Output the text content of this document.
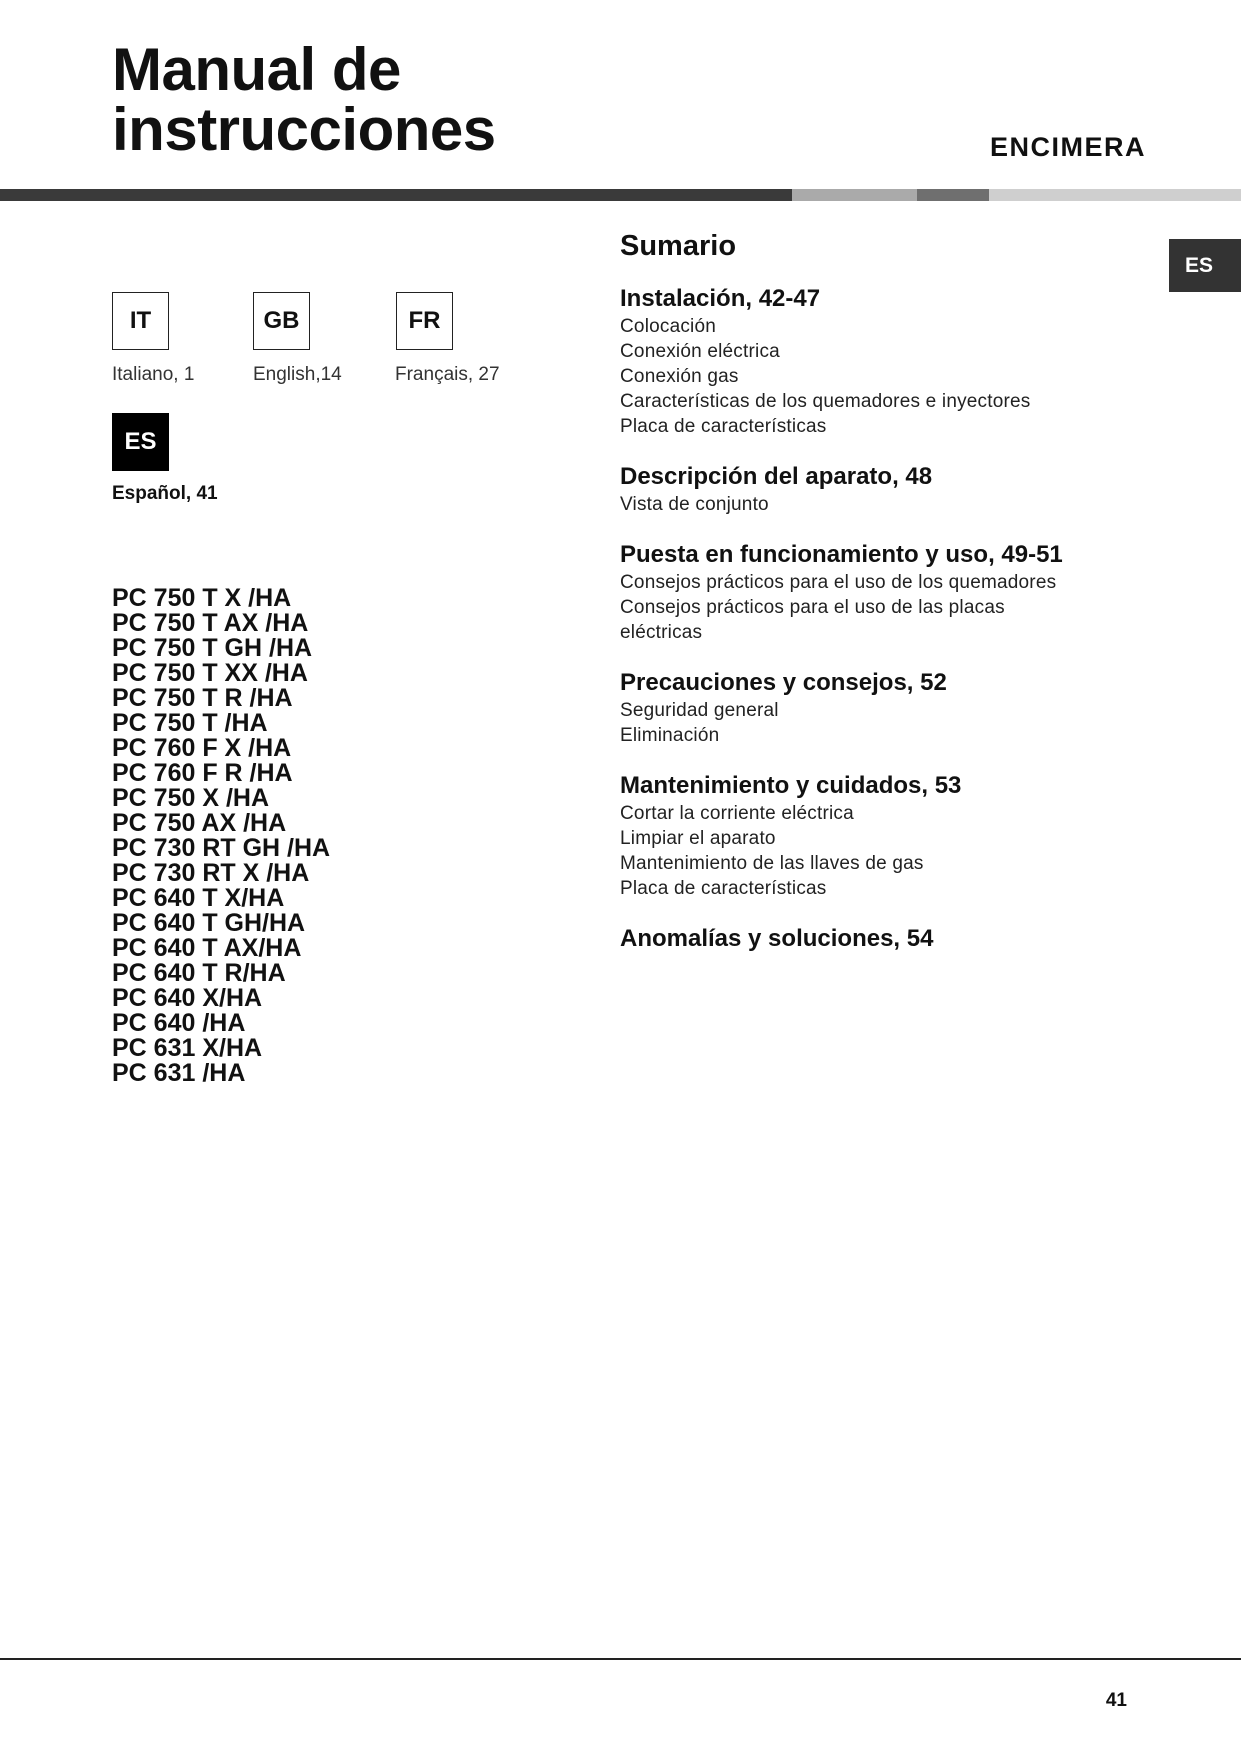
Manual de
instrucciones	ENCIMERA
IT
Italiano, 1
GB
English,14
FR
Français, 27
ES
Español, 41
PC 750 T X /HA
PC 750 T AX /HA
PC 750 T GH /HA
PC 750 T XX /HA
PC 750 T R /HA
PC 750 T /HA
PC 760 F X /HA
PC 760 F R /HA
PC 750 X /HA
PC 750 AX /HA
PC 730 RT GH /HA
PC 730 RT X /HA
PC 640 T X/HA
PC 640 T GH/HA
PC 640 T AX/HA
PC 640 T R/HA
PC 640 X/HA
PC 640 /HA
PC 631 X/HA
PC 631 /HA
Sumario
Instalación, 42-47
Colocación
Conexión eléctrica
Conexión gas
Características de los quemadores e inyectores
Placa de características
Descripción del aparato, 48
Vista de conjunto
Puesta en funcionamiento y uso, 49-51
Consejos prácticos para el uso de los quemadores
Consejos prácticos para el uso de las placas
eléctricas
Precauciones y consejos, 52
Seguridad general
Eliminación
Mantenimiento y cuidados, 53
Cortar la corriente eléctrica
Limpiar el aparato
Mantenimiento de las llaves de gas
Placa de características
Anomalías y soluciones, 54
ES
41
